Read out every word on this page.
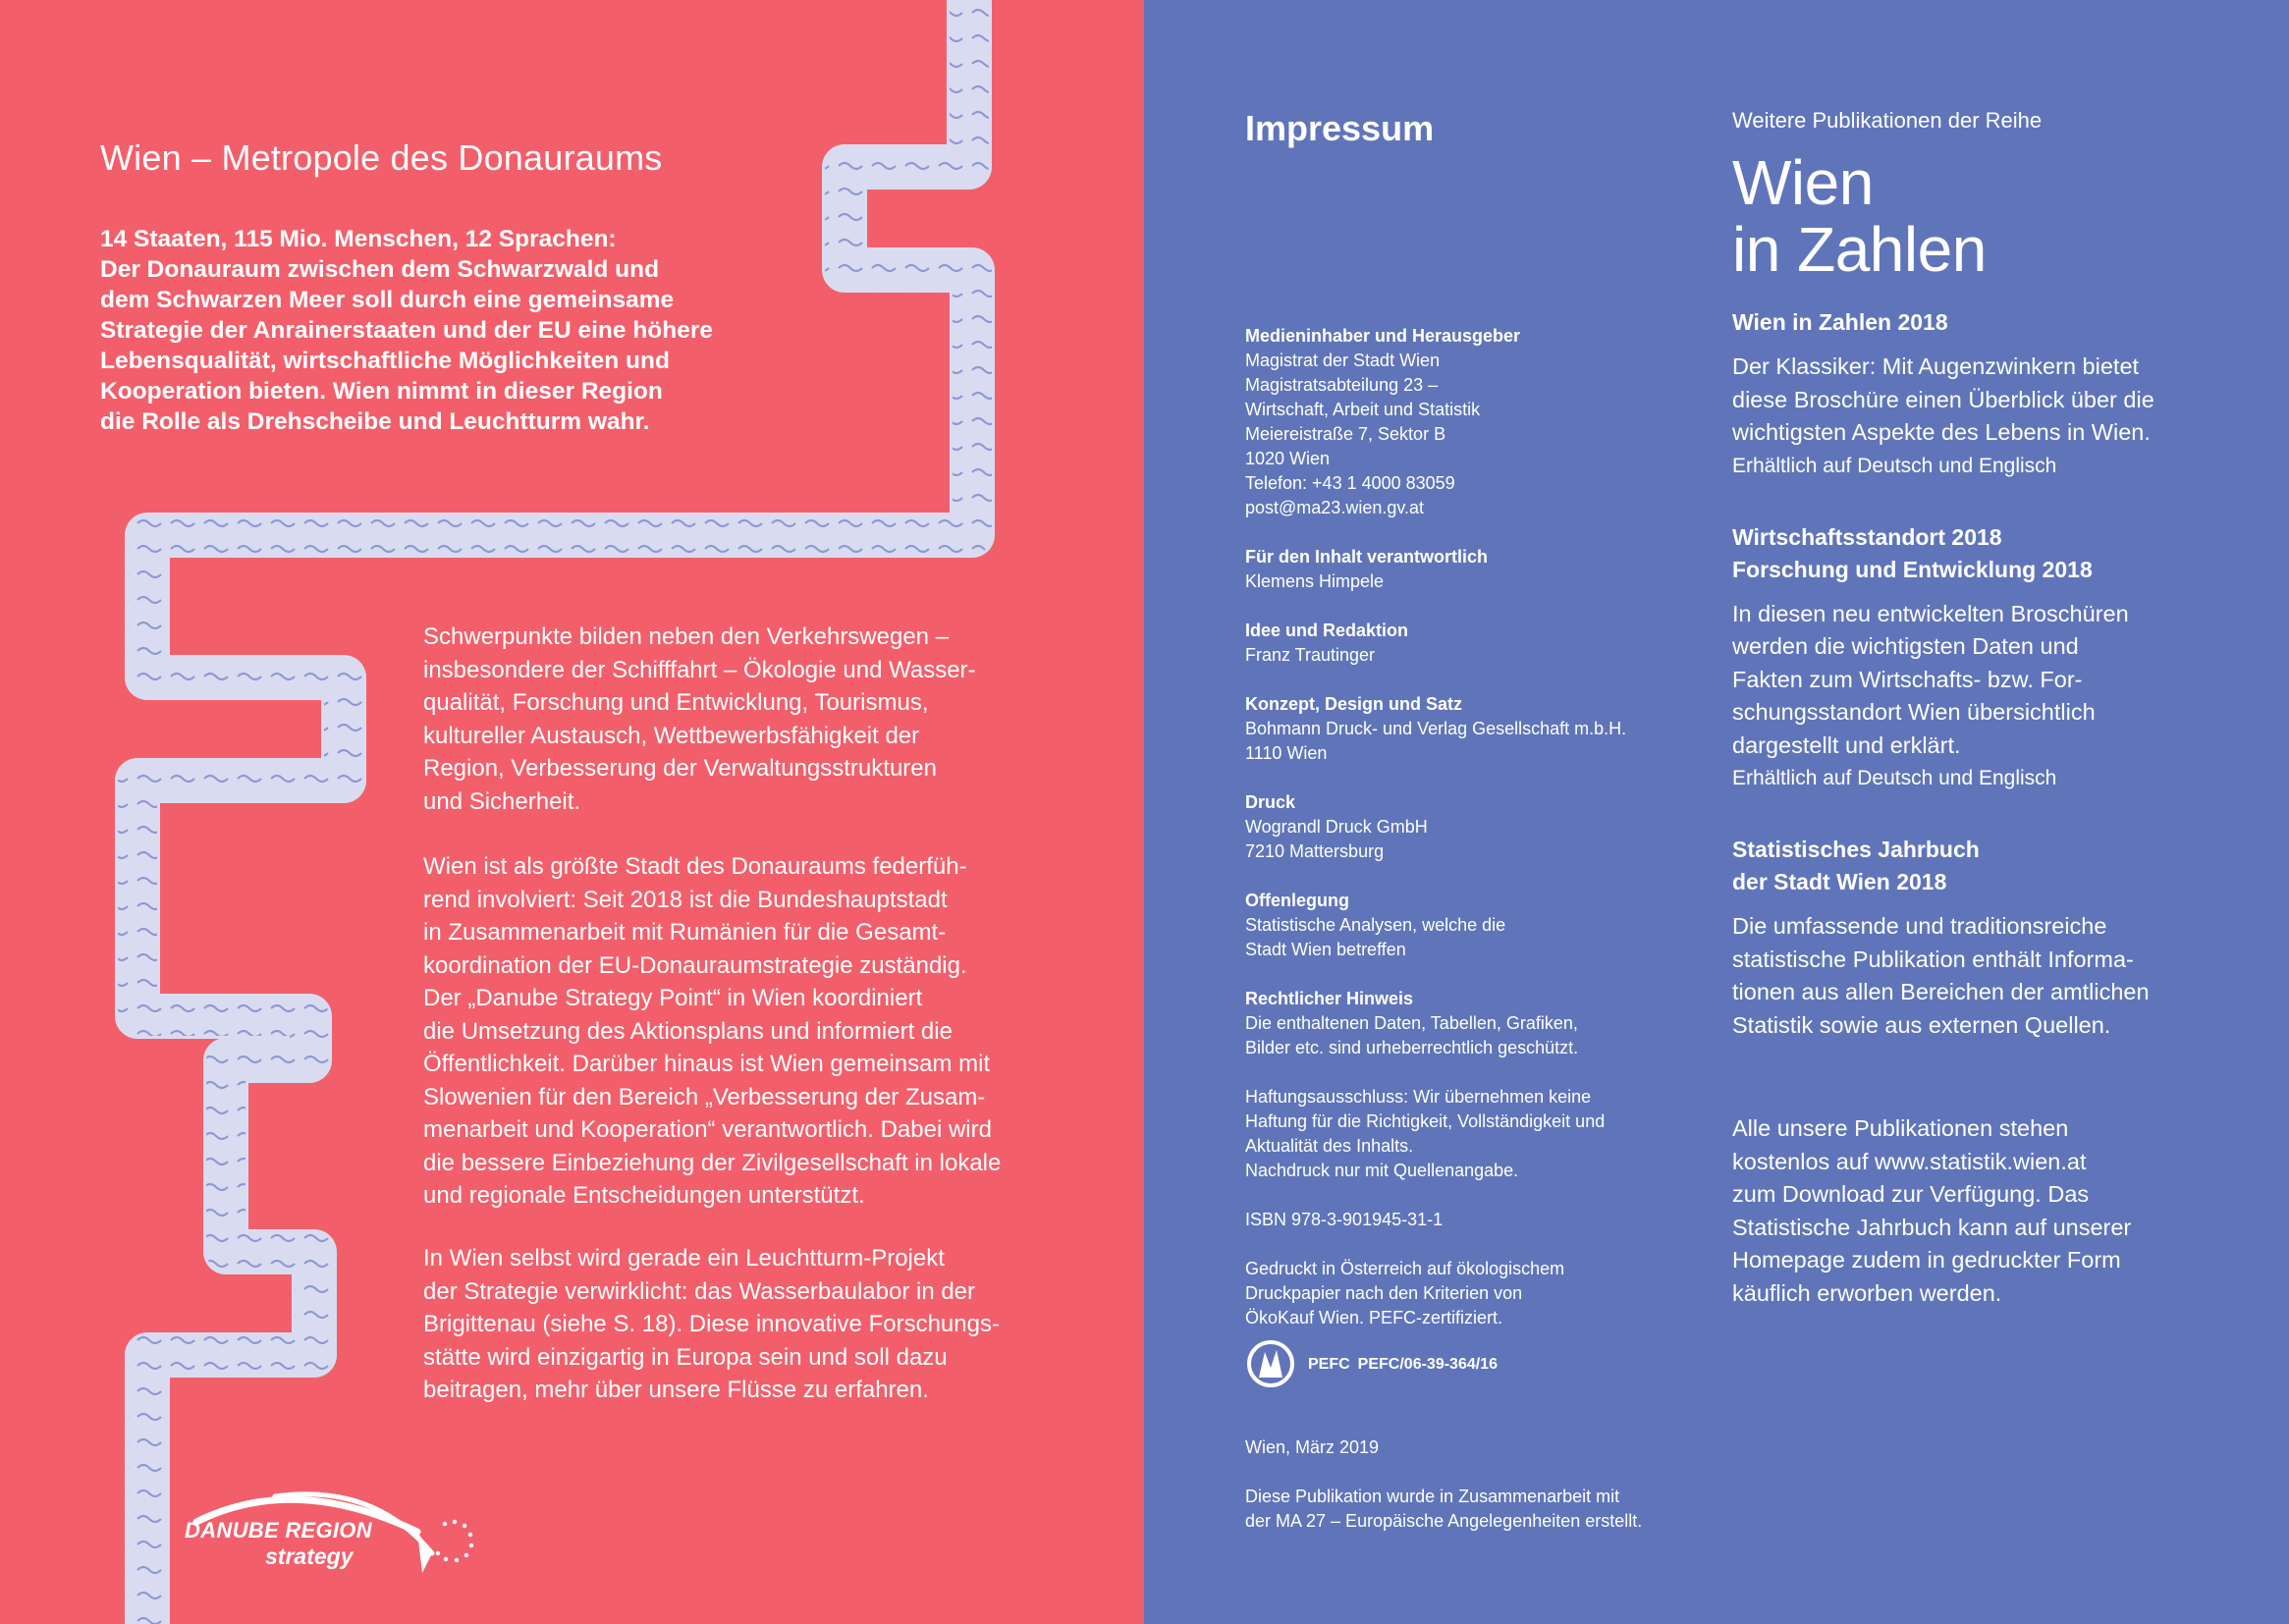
Wien – Metropole des Donauraums
14 Staaten, 115 Mio. Menschen, 12 Sprachen:
Der Donauraum zwischen dem Schwarzwald und
dem Schwarzen Meer soll durch eine gemeinsame
Strategie der Anrainerstaaten und der EU eine höhere
Lebensqualität, wirtschaftliche Möglichkeiten und
Kooperation bieten. Wien nimmt in dieser Region
die Rolle als Drehscheibe und Leuchtturm wahr.
Schwerpunkte bilden neben den Verkehrswegen –
insbesondere der Schifffahrt – Ökologie und Wasser-
qualität, Forschung und Entwicklung, Tourismus,
kultureller Austausch, Wettbewerbsfähigkeit der
Region, Verbesserung der Verwaltungsstrukturen
und Sicherheit.
Wien ist als größte Stadt des Donauraums federfüh-
rend involviert: Seit 2018 ist die Bundeshauptstadt
in Zusammenarbeit mit Rumänien für die Gesamt-
koordination der EU-Donauraumstrategie zuständig.
Der „Danube Strategy Point“ in Wien koordiniert
die Umsetzung des Aktionsplans und informiert die
Öffentlichkeit. Darüber hinaus ist Wien gemeinsam mit
Slowenien für den Bereich „Verbesserung der Zusam-
menarbeit und Kooperation“ verantwortlich. Dabei wird
die bessere Einbeziehung der Zivilgesellschaft in lokale
und regionale Entscheidungen unterstützt.
In Wien selbst wird gerade ein Leuchtturm-Projekt
der Strategie verwirklicht: das Wasserbaulabor in der
Brigittenau (siehe S. 18). Diese innovative Forschungs-
stätte wird einzigartig in Europa sein und soll dazu
beitragen, mehr über unsere Flüsse zu erfahren.
DANUBE REGION
strategy
Impressum
Medieninhaber und Herausgeber
Magistrat der Stadt Wien
Magistratsabteilung 23 –
Wirtschaft, Arbeit und Statistik
Meiereistraße 7, Sektor B
1020 Wien
Telefon: +43 1 4000 83059
post@ma23.wien.gv.at
Für den Inhalt verantwortlich
Klemens Himpele
Idee und Redaktion
Franz Trautinger
Konzept, Design und Satz
Bohmann Druck- und Verlag Gesellschaft m.b.H.
1110 Wien
Druck
Wograndl Druck GmbH
7210 Mattersburg
Offenlegung
Statistische Analysen, welche die
Stadt Wien betreffen
Rechtlicher Hinweis
Die enthaltenen Daten, Tabellen, Grafiken,
Bilder etc. sind urheberrechtlich geschützt.
Haftungsausschluss: Wir übernehmen keine
Haftung für die Richtigkeit, Vollständigkeit und
Aktualität des Inhalts.
Nachdruck nur mit Quellenangabe.
ISBN 978-3-901945-31-1
Gedruckt in Österreich auf ökologischem
Druckpapier nach den Kriterien von
ÖkoKauf Wien. PEFC-zertifiziert.
PEFC PEFC/06-39-364/16
Wien, März 2019
Diese Publikation wurde in Zusammenarbeit mit
der MA 27 – Europäische Angelegenheiten erstellt.
Weitere Publikationen der Reihe
Wien
in Zahlen
Wien in Zahlen 2018
Der Klassiker: Mit Augenzwinkern bietet
diese Broschüre einen Überblick über die
wichtigsten Aspekte des Lebens in Wien.
Erhältlich auf Deutsch und Englisch
Wirtschaftsstandort 2018
Forschung und Entwicklung 2018
In diesen neu entwickelten Broschüren
werden die wichtigsten Daten und
Fakten zum Wirtschafts- bzw. For-
schungsstandort Wien übersichtlich
dargestellt und erklärt.
Erhältlich auf Deutsch und Englisch
Statistisches Jahrbuch
der Stadt Wien 2018
Die umfassende und traditionsreiche
statistische Publikation enthält Informa-
tionen aus allen Bereichen der amtlichen
Statistik sowie aus externen Quellen.
Alle unsere Publikationen stehen
kostenlos auf www.statistik.wien.at
zum Download zur Verfügung. Das
Statistische Jahrbuch kann auf unserer
Homepage zudem in gedruckter Form
käuflich erworben werden.
